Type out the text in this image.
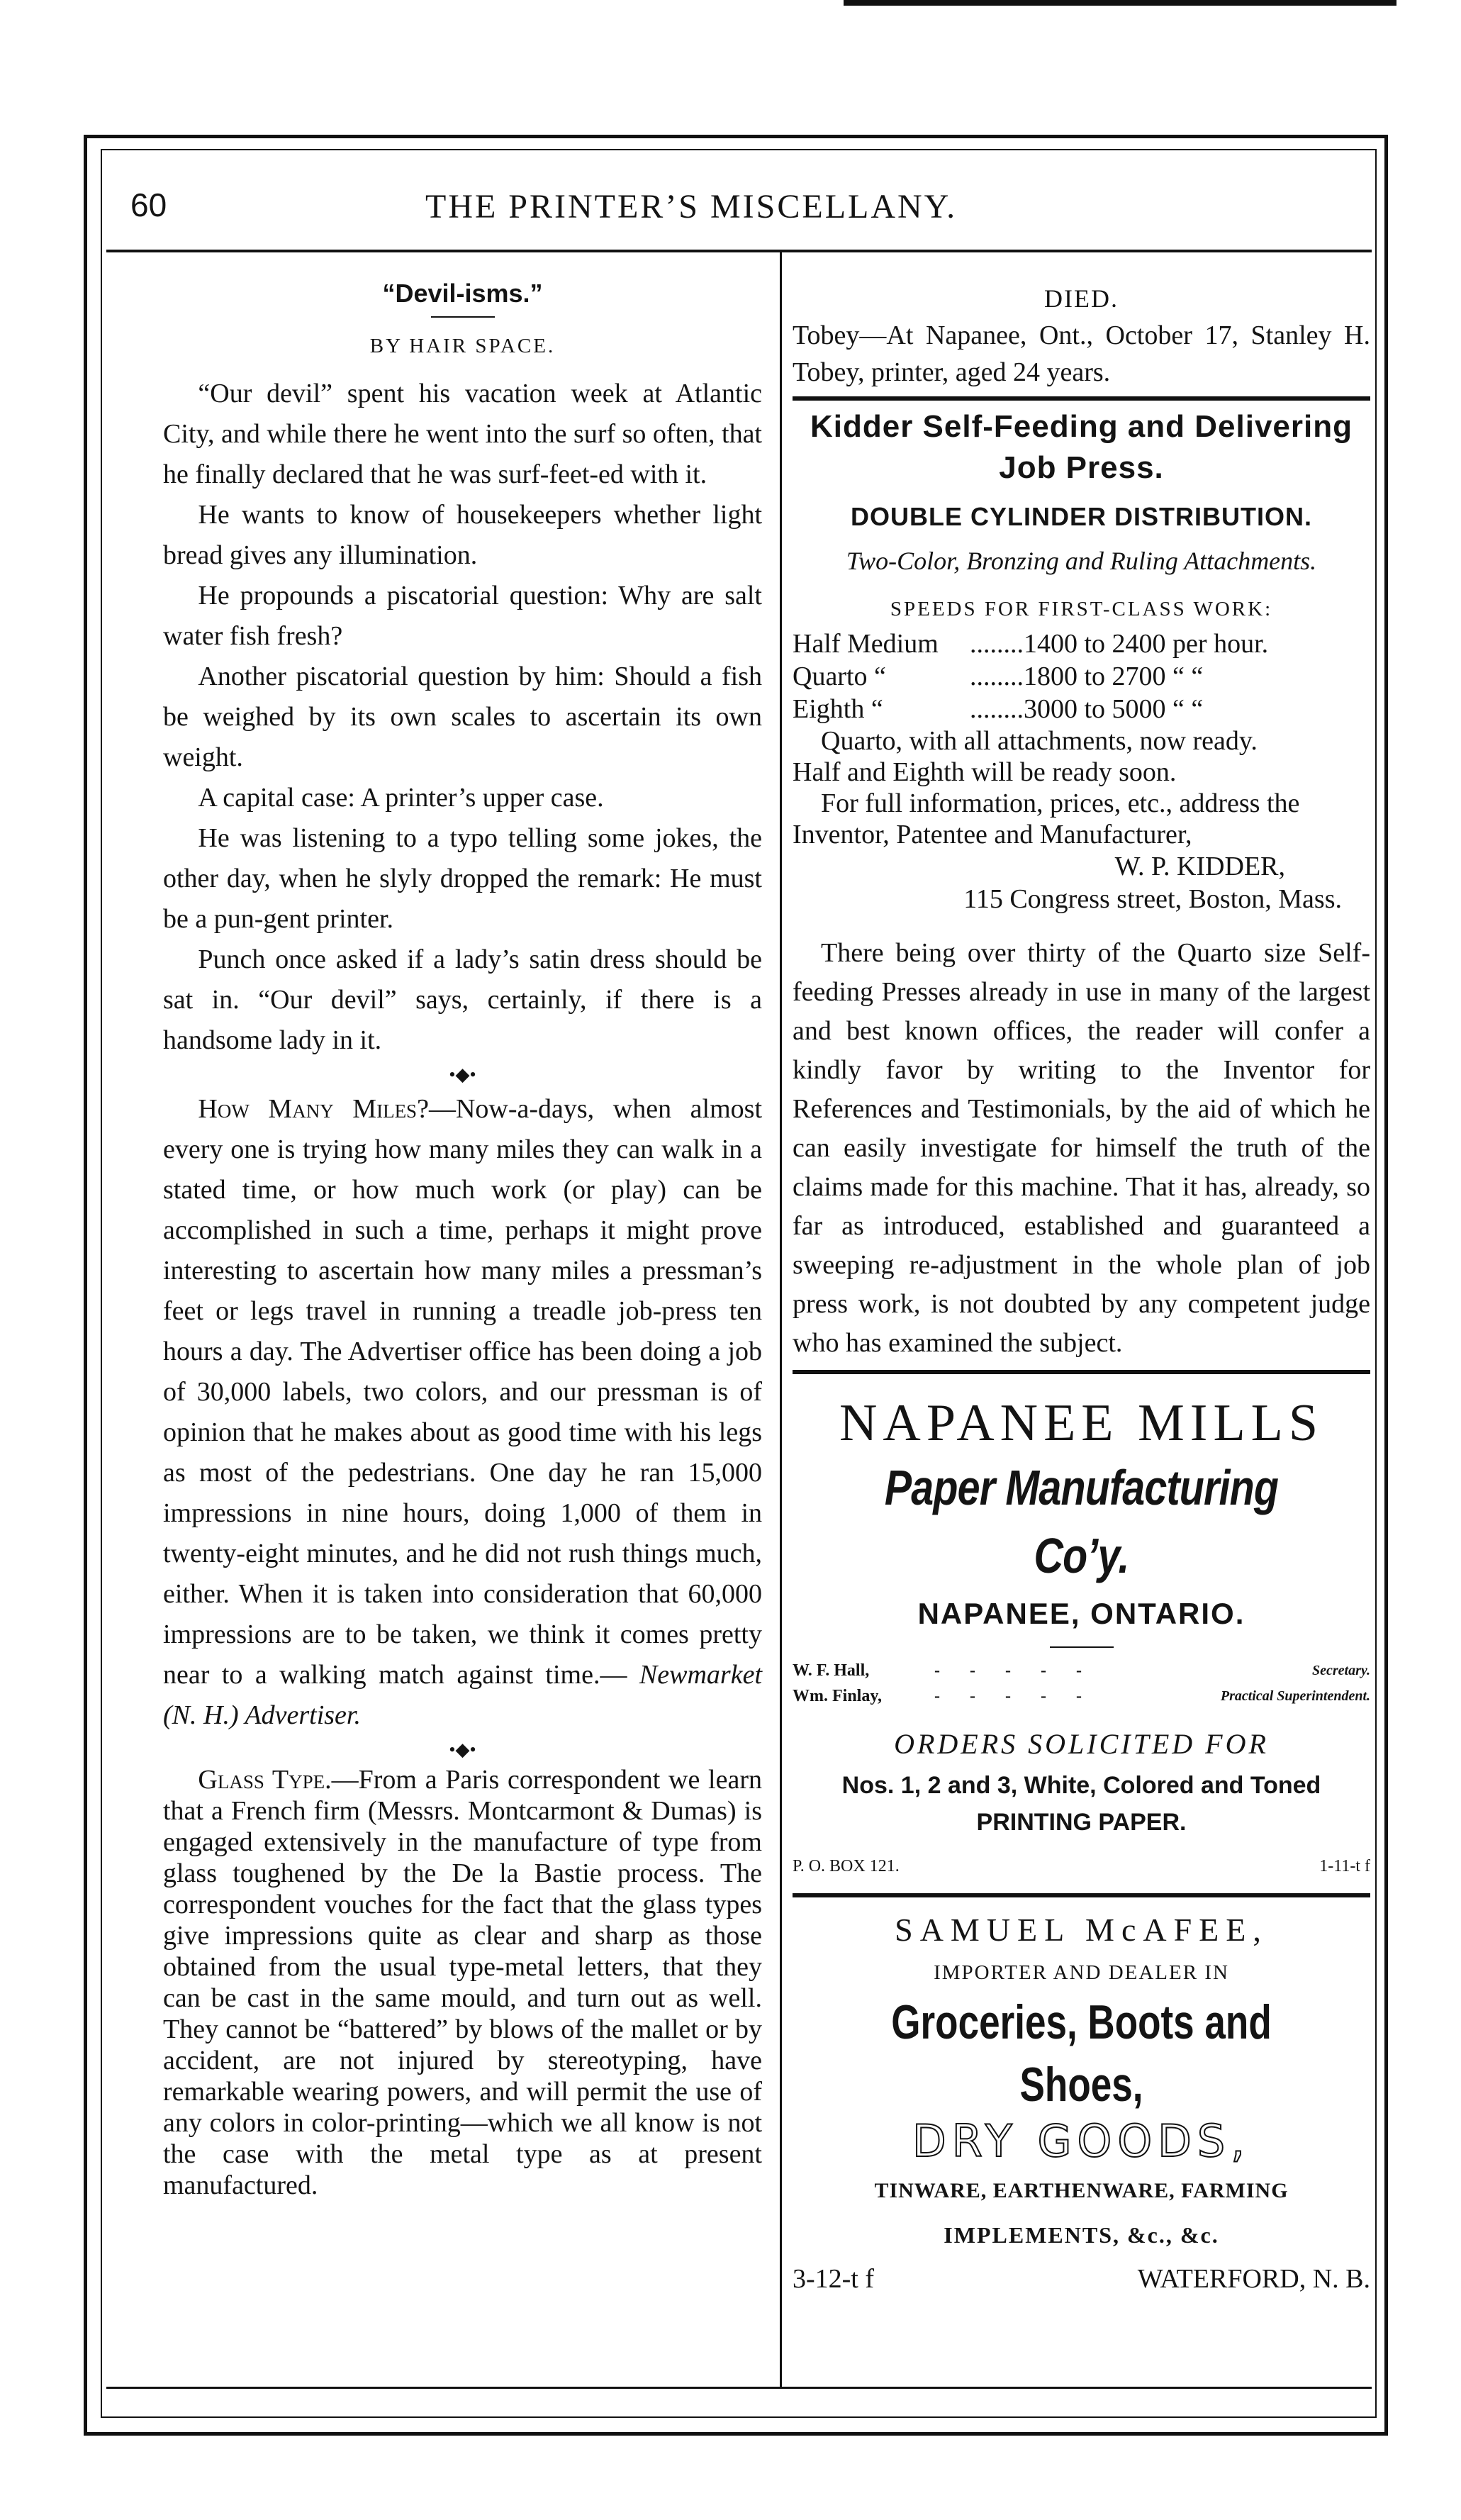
60	THE PRINTER’S MISCELLANY.
“Devil-isms.”
BY HAIR SPACE.

“Our devil” spent his vacation week at Atlantic City, and while there he went into the surf so often, that he finally declared that he was surf-feet-ed with it.

He wants to know of housekeepers whether light bread gives any illumination.

He propounds a piscatorial question: Why are salt water fish fresh?

Another piscatorial question by him: Should a fish be weighed by its own scales to ascertain its own weight.

A capital case: A printer’s upper case.

He was listening to a typo telling some jokes, the other day, when he slyly dropped the remark: He must be a pun-gent printer.

Punch once asked if a lady’s satin dress should be sat in. “Our devil” says, certainly, if there is a handsome lady in it.

•◆•

How Many Miles?—Now-a-days, when almost every one is trying how many miles they can walk in a stated time, or how much work (or play) can be accomplished in such a time, perhaps it might prove interesting to ascertain how many miles a pressman’s feet or legs travel in running a treadle job-press ten hours a day. The Advertiser office has been doing a job of 30,000 labels, two colors, and our pressman is of opinion that he makes about as good time with his legs as most of the pedestrians. One day he ran 15,000 impressions in nine hours, doing 1,000 of them in twenty-eight minutes, and he did not rush things much, either. When it is taken into consideration that 60,000 impressions are to be taken, we think it comes pretty near to a walking match against time.— Newmarket (N. H.) Advertiser.

•◆•

Glass Type.—From a Paris correspondent we learn that a French firm (Messrs. Montcarmont & Dumas) is engaged extensively in the manufacture of type from glass toughened by the De la Bastie process. The correspondent vouches for the fact that the glass types give impressions quite as clear and sharp as those obtained from the usual type-metal letters, that they can be cast in the same mould, and turn out as well. They cannot be “battered” by blows of the mallet or by accident, are not injured by stereotyping, have remarkable wearing powers, and will permit the use of any colors in color-printing—which we all know is not the case with the metal type as at present manufactured.

DIED.

Tobey—At Napanee, Ont., October 17, Stanley H. Tobey, printer, aged 24 years.

Kidder Self-Feeding and Delivering Job Press.
DOUBLE CYLINDER DISTRIBUTION.
Two-Color, Bronzing and Ruling Attachments.
SPEEDS FOR FIRST-CLASS WORK:
Half Medium	........1400 to 2400 per hour.
Quarto “	........1800 to 2700 “ “
Eighth “	........3000 to 5000 “ “

Quarto, with all attachments, now ready.

Half and Eighth will be ready soon.

For full information, prices, etc., address the Inventor, Patentee and Manufacturer,

W. P. KIDDER,

115 Congress street, Boston, Mass.

There being over thirty of the Quarto size Self-feeding Presses already in use in many of the largest and best known offices, the reader will confer a kindly favor by writing to the Inventor for References and Testimonials, by the aid of which he can easily investigate for himself the truth of the claims made for this machine. That it has, already, so far as introduced, established and guaranteed a sweeping re-adjustment in the whole plan of job press work, is not doubted by any competent judge who has examined the subject.

NAPANEE MILLS
Paper Manufacturing Co’y.
NAPANEE, ONTARIO.
W. F. Hall,	- - - - -	Secretary.
Wm. Finlay,	- - - - -	Practical Superintendent.
ORDERS SOLICITED FOR
Nos. 1, 2 and 3, White, Colored and Toned
PRINTING PAPER.
P. O. BOX 121.	1-11-t f
SAMUEL McAFEE,
IMPORTER AND DEALER IN
Groceries, Boots and Shoes,
DRY GOODS,
TINWARE, EARTHENWARE, FARMING
IMPLEMENTS, &c., &c.
3-12-t f	WATERFORD, N. B.
